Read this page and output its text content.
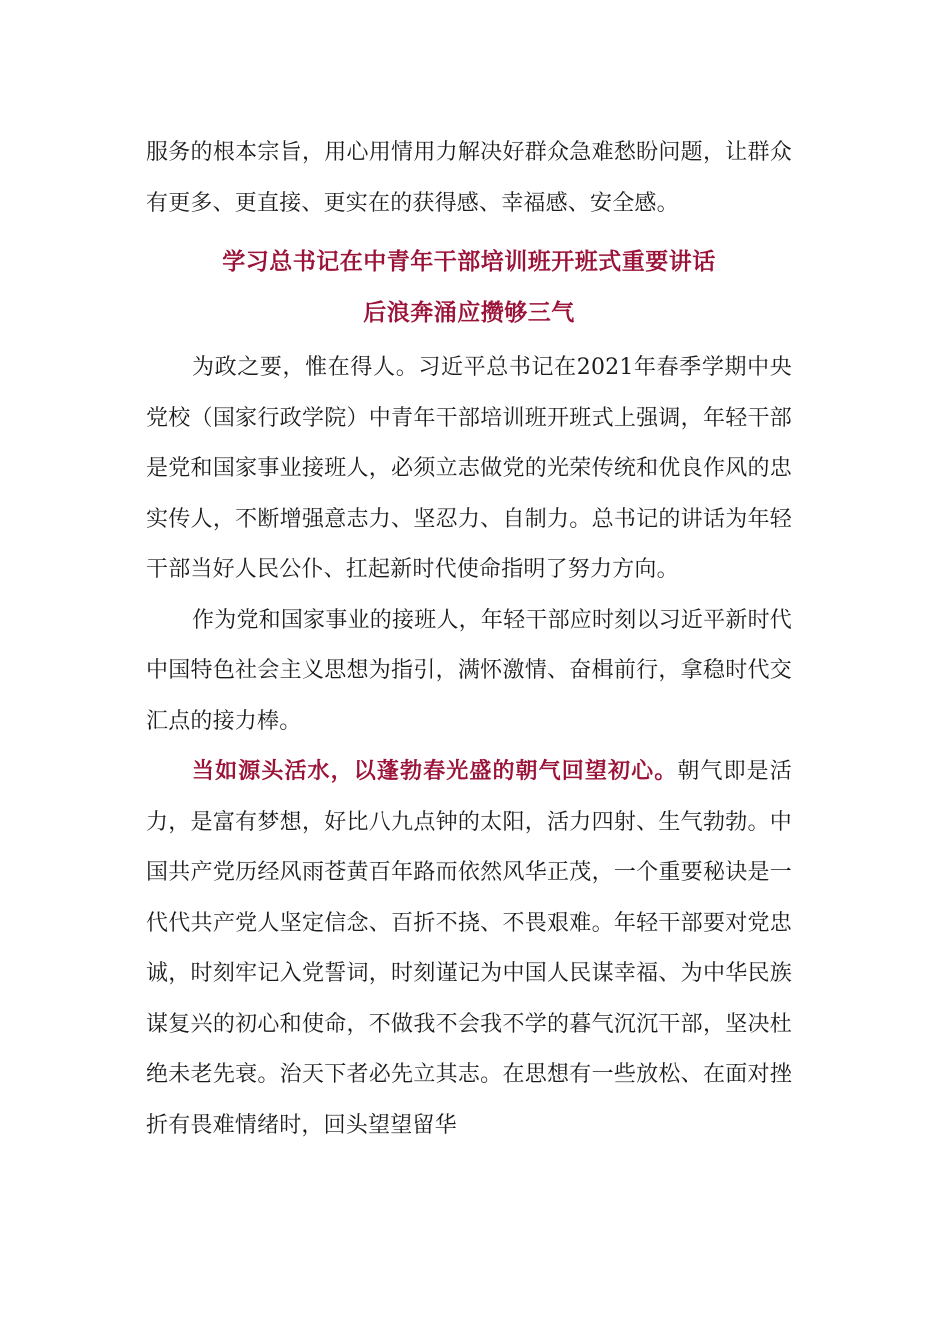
服务的根本宗旨，用心用情用力解决好群众急难愁盼问题，让群众有更多、更直接、更实在的获得感、幸福感、安全感。

学习总书记在中青年干部培训班开班式重要讲话
后浪奔涌应攒够三气

为政之要，惟在得人。习近平总书记在2021年春季学期中央党校（国家行政学院）中青年干部培训班开班式上强调，年轻干部是党和国家事业接班人，必须立志做党的光荣传统和优良作风的忠实传人，不断增强意志力、坚忍力、自制力。总书记的讲话为年轻干部当好人民公仆、扛起新时代使命指明了努力方向。

作为党和国家事业的接班人，年轻干部应时刻以习近平新时代中国特色社会主义思想为指引，满怀激情、奋楫前行，拿稳时代交汇点的接力棒。

当如源头活水，以蓬勃春光盛的朝气回望初心。朝气即是活力，是富有梦想，好比八九点钟的太阳，活力四射、生气勃勃。中国共产党历经风雨苍黄百年路而依然风华正茂，一个重要秘诀是一代代共产党人坚定信念、百折不挠、不畏艰难。年轻干部要对党忠诚，时刻牢记入党誓词，时刻谨记为中国人民谋幸福、为中华民族谋复兴的初心和使命，不做我不会我不学的暮气沉沉干部，坚决杜绝未老先衰。治天下者必先立其志。在思想有一些放松、在面对挫折有畏难情绪时，回头望望留华
